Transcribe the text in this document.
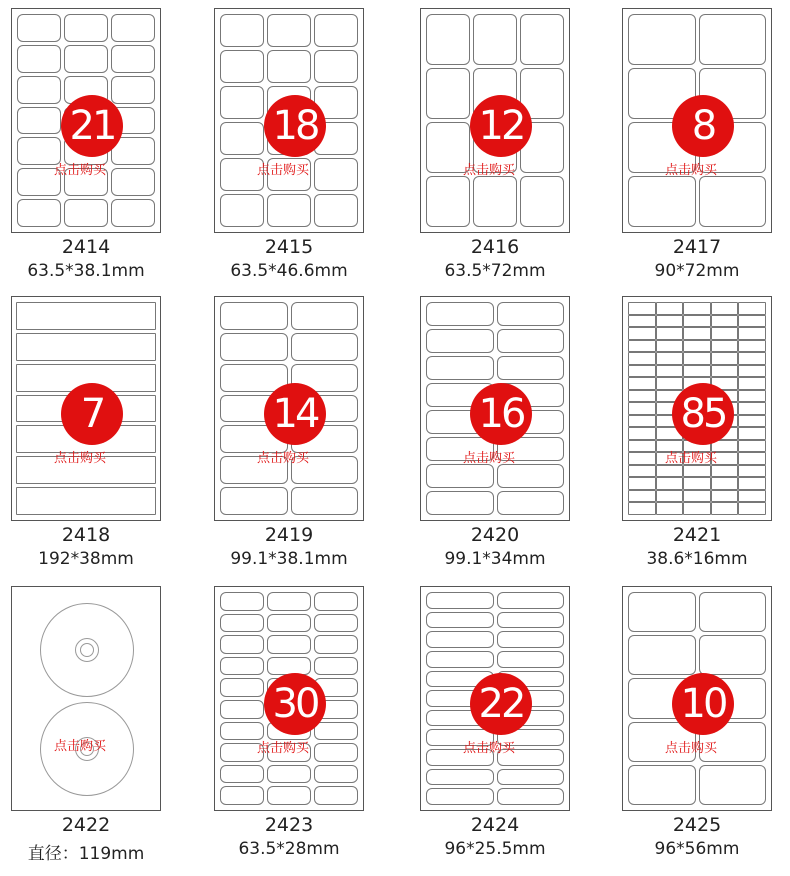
21
点击购买
2414
63.5*38.1mm
18
点击购买
2415
63.5*46.6mm
12
点击购买
2416
63.5*72mm
8
点击购买
2417
90*72mm
7
点击购买
2418
192*38mm
14
点击购买
2419
99.1*38.1mm
16
点击购买
2420
99.1*34mm
85
点击购买
2421
38.6*16mm
点击购买
2422
直径：119mm
30
点击购买
2423
63.5*28mm
22
点击购买
2424
96*25.5mm
10
点击购买
2425
96*56mm
